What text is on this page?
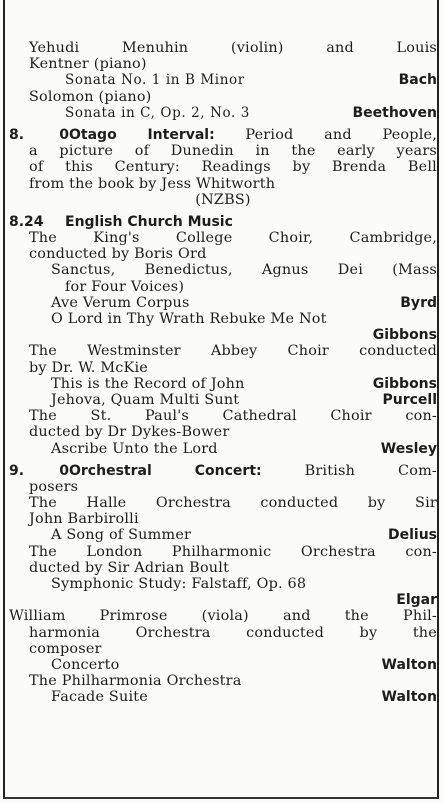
Yehudi Menuhin (violin) and Louis
Kentner (piano)
Sonata No. 1 in B Minor	Bach
Solomon (piano)
Sonata in C, Op. 2, No. 3	Beethoven
8. 0Otago Interval: Period and People,
a picture of Dunedin in the early years
of this Century: Readings by Brenda Bell
from the book by Jess Whitworth
(NZBS)
8.24 English Church Music
The King's College Choir, Cambridge,
conducted by Boris Ord
Sanctus, Benedictus, Agnus Dei (Mass
for Four Voices)
Ave Verum Corpus	Byrd
O Lord in Thy Wrath Rebuke Me Not
Gibbons
The Westminster Abbey Choir conducted
by Dr. W. McKie
This is the Record of John	Gibbons
Jehova, Quam Multi Sunt	Purcell
The St. Paul's Cathedral Choir con-
ducted by Dr Dykes-Bower
Ascribe Unto the Lord	Wesley
9. 0Orchestral Concert:	British Com-
posers
The Halle Orchestra conducted by Sir
John Barbirolli
A Song of Summer	Delius
The London Philharmonic Orchestra con-
ducted by Sir Adrian Boult
Symphonic Study: Falstaff, Op. 68
Elgar
William Primrose (viola) and the Phil-
harmonia Orchestra conducted by the
composer
Concerto	Walton
The Philharmonia Orchestra
Facade Suite	Walton
